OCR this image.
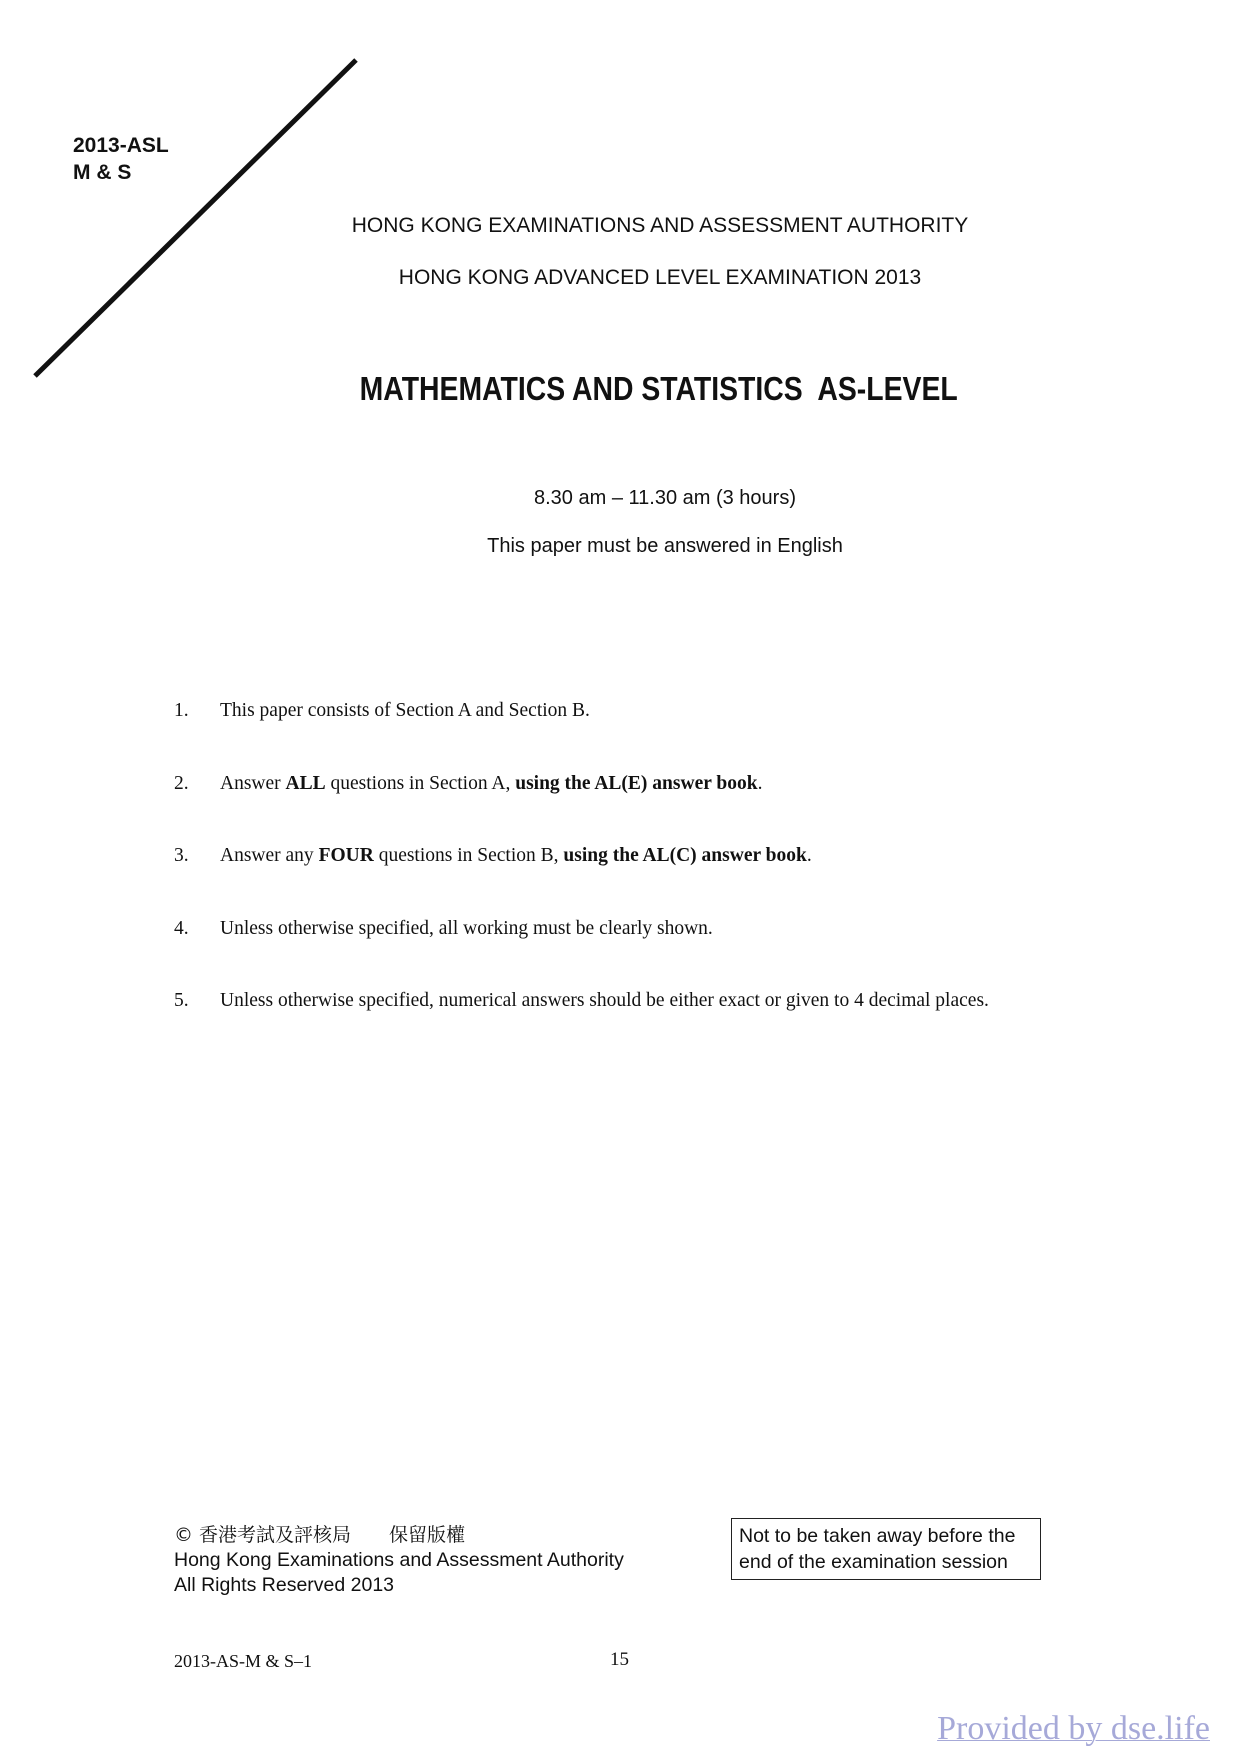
2013-ASL
M & S
HONG KONG EXAMINATIONS AND ASSESSMENT AUTHORITY
HONG KONG ADVANCED LEVEL EXAMINATION 2013
MATHEMATICS AND STATISTICS  AS-LEVEL
8.30 am – 11.30 am (3 hours)
This paper must be answered in English
1. This paper consists of Section A and Section B.
2. Answer ALL questions in Section A, using the AL(E) answer book.
3. Answer any FOUR questions in Section B, using the AL(C) answer book.
4. Unless otherwise specified, all working must be clearly shown.
5. Unless otherwise specified, numerical answers should be either exact or given to 4 decimal places.
© 香港考試及評核局　　保留版權
Hong Kong Examinations and Assessment Authority
All Rights Reserved 2013
Not to be taken away before the
end of the examination session
2013-AS-M & S–1	15
Provided by dse.life
